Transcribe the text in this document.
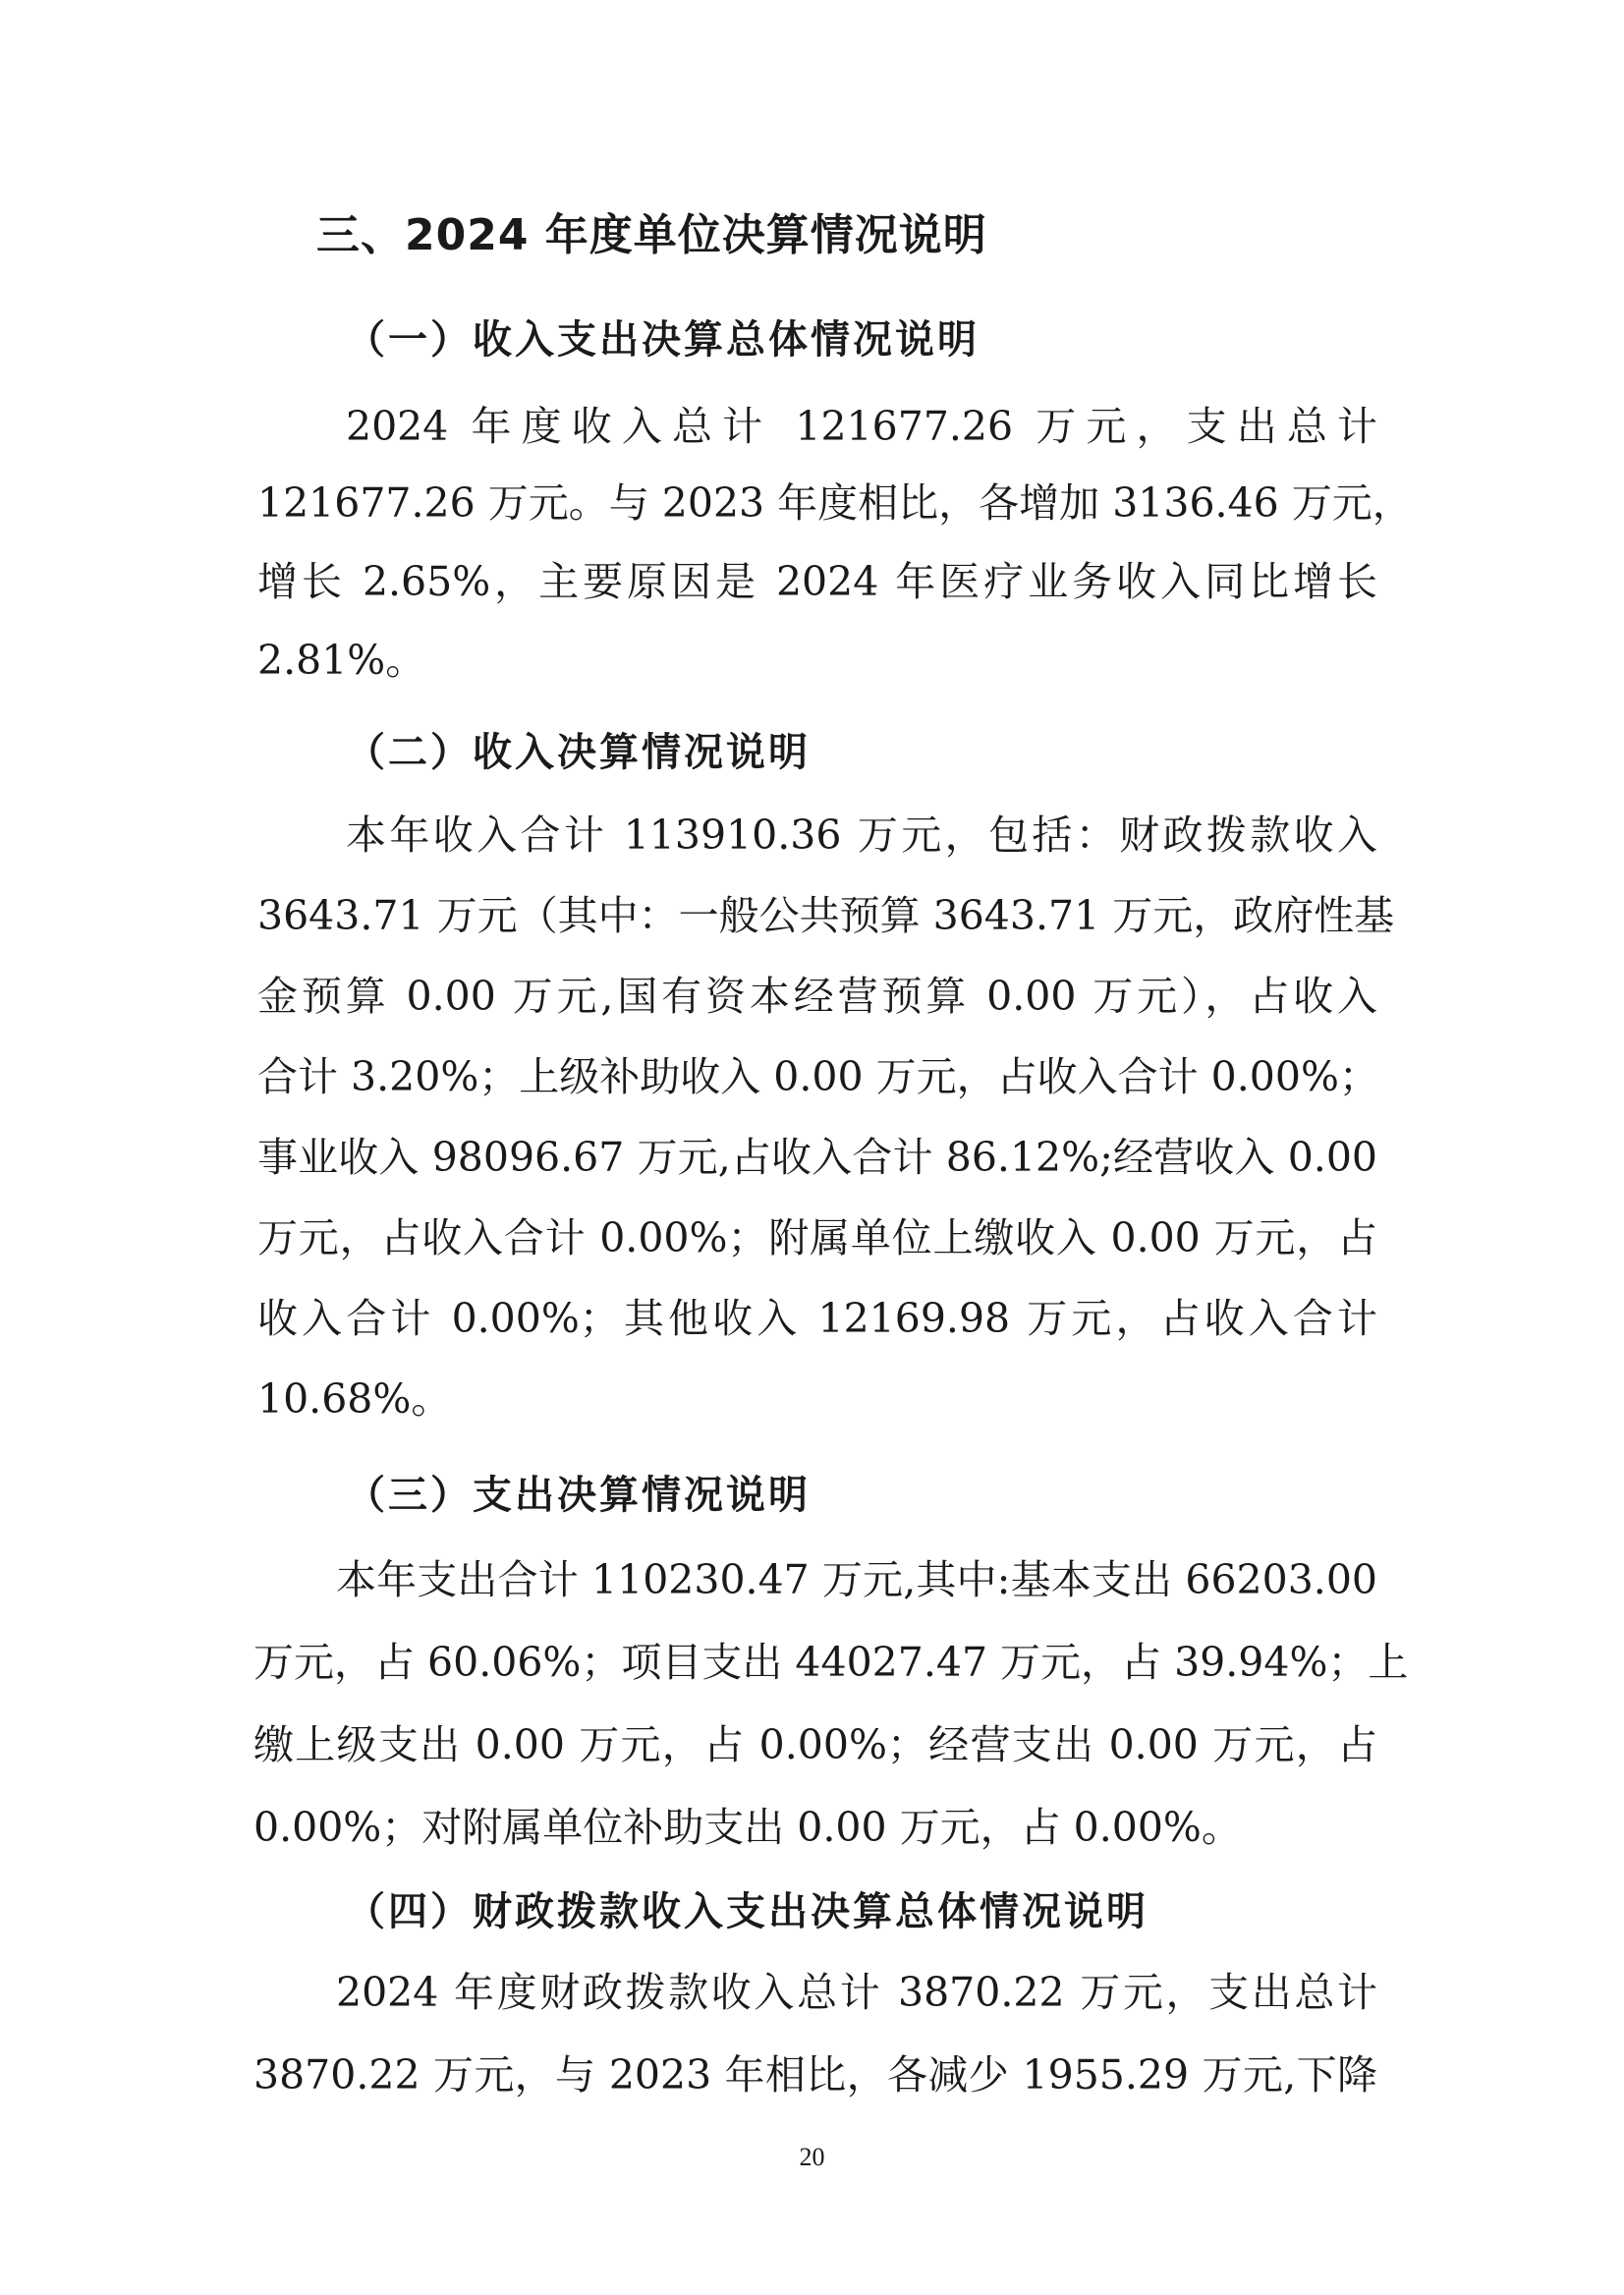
三、2024 年度单位决算情况说明
（一）收入支出决算总体情况说明

2024 年度收入总计 121677.26 万元，支出总计

121677.26 万元。与 2023 年度相比，各增加 3136.46 万元，

增长 2.65%，主要原因是 2024 年医疗业务收入同比增长

2.81%。

（二）收入决算情况说明

本年收入合计 113910.36 万元，包括：财政拨款收入

3643.71 万元（其中：一般公共预算 3643.71 万元，政府性基

金预算 0.00 万元,国有资本经营预算 0.00 万元），占收入

合计 3.20%；上级补助收入 0.00 万元，占收入合计 0.00%；

事业收入 98096.67 万元,占收入合计 86.12%;经营收入 0.00

万元，占收入合计 0.00%；附属单位上缴收入 0.00 万元，占

收入合计 0.00%；其他收入 12169.98 万元，占收入合计

10.68%。

（三）支出决算情况说明

本年支出合计 110230.47 万元,其中:基本支出 66203.00

万元，占 60.06%；项目支出 44027.47 万元，占 39.94%；上

缴上级支出 0.00 万元，占 0.00%；经营支出 0.00 万元，占

0.00%；对附属单位补助支出 0.00 万元，占 0.00%。

（四）财政拨款收入支出决算总体情况说明

2024 年度财政拨款收入总计 3870.22 万元，支出总计

3870.22 万元，与 2023 年相比，各减少 1955.29 万元,下降

20
